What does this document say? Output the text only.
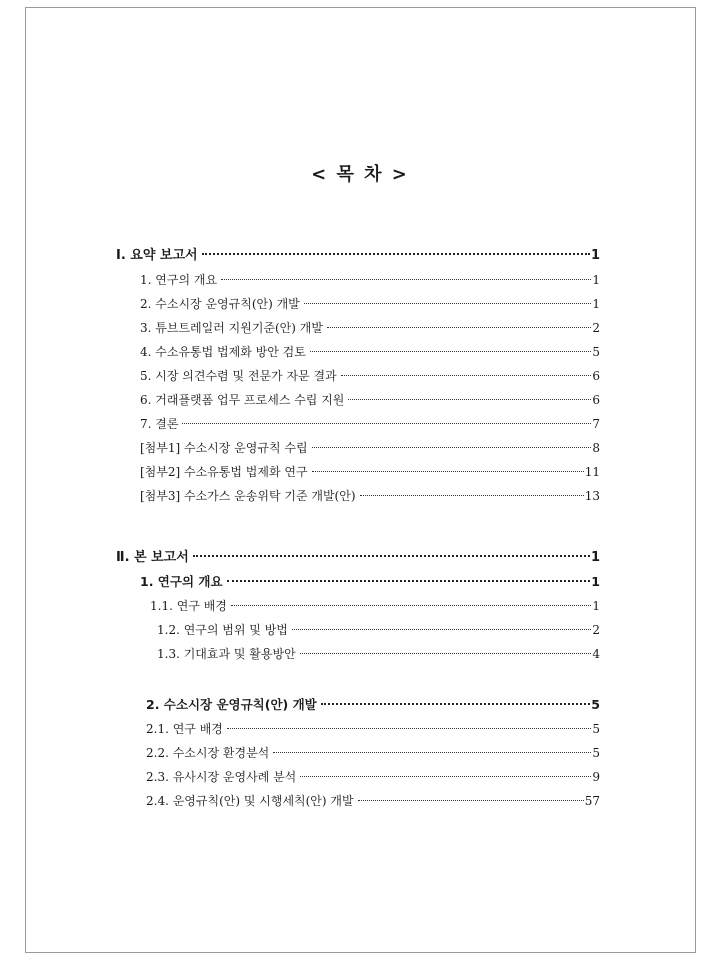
< 목 차 >
Ⅰ. 요약 보고서	1
1. 연구의 개요	1
2. 수소시장 운영규칙(안) 개발	1
3. 튜브트레일러 지원기준(안) 개발	2
4. 수소유통법 법제화 방안 검토	5
5. 시장 의견수렴 및 전문가 자문 결과	6
6. 거래플랫폼 업무 프로세스 수립 지원	6
7. 결론	7
[첨부1] 수소시장 운영규칙 수립	8
[첨부2] 수소유통법 법제화 연구	11
[첨부3] 수소가스 운송위탁 기준 개발(안)	13
Ⅱ. 본 보고서	1
1. 연구의 개요	1
1.1. 연구 배경	1
1.2. 연구의 범위 및 방법	2
1.3. 기대효과 및 활용방안	4
2. 수소시장 운영규칙(안) 개발	5
2.1. 연구 배경	5
2.2. 수소시장 환경분석	5
2.3. 유사시장 운영사례 분석	9
2.4. 운영규칙(안) 및 시행세칙(안) 개발	57
